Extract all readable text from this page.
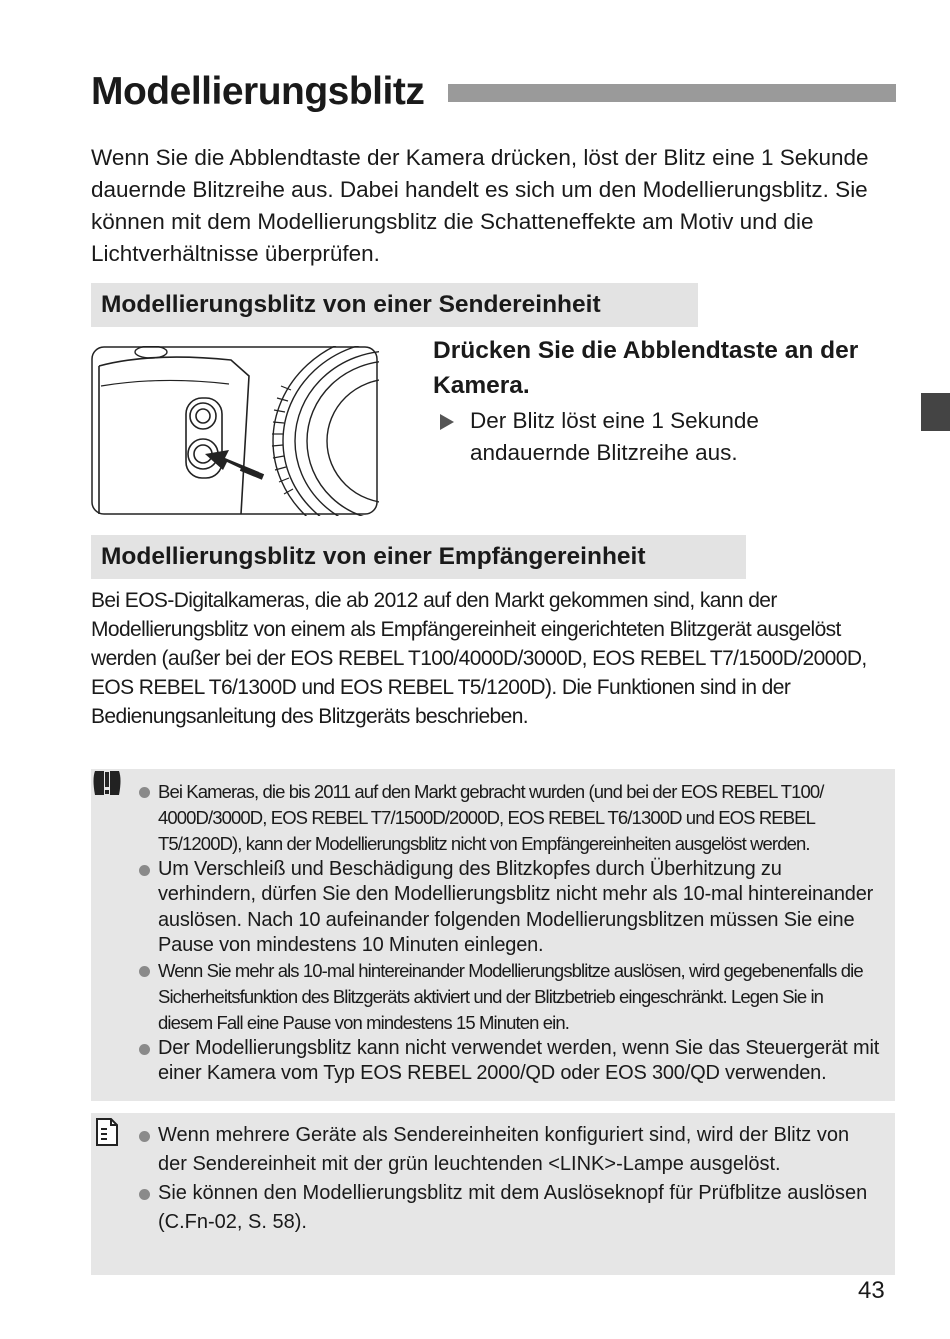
Modellierungsblitz

Wenn Sie die Abblendtaste der Kamera drücken, löst der Blitz eine 1 Sekunde dauernde Blitzreihe aus. Dabei handelt es sich um den Modellierungsblitz. Sie können mit dem Modellierungsblitz die Schatteneffekte am Motiv und die Lichtverhältnisse überprüfen.

Modellierungsblitz von einer Sendereinheit
Drücken Sie die Abblendtaste an der Kamera.
Der Blitz löst eine 1 Sekunde andauernde Blitzreihe aus.
Modellierungsblitz von einer Empfängereinheit

Bei EOS-Digitalkameras, die ab 2012 auf den Markt gekommen sind, kann der Modellierungsblitz von einem als Empfängereinheit eingerichteten Blitzgerät ausgelöst werden (außer bei der EOS REBEL T100/4000D/3000D, EOS REBEL T7/1500D/2000D, EOS REBEL T6/1300D und EOS REBEL T5/1200D). Die Funktionen sind in der Bedienungsanleitung des Blitzgeräts beschrieben.

Bei Kameras, die bis 2011 auf den Markt gebracht wurden (und bei der EOS REBEL T100/ 4000D/3000D, EOS REBEL T7/1500D/2000D, EOS REBEL T6/1300D und EOS REBEL T5/1200D), kann der Modellierungsblitz nicht von Empfängereinheiten ausgelöst werden.
Um Verschleiß und Beschädigung des Blitzkopfes durch Überhitzung zu verhindern, dürfen Sie den Modellierungsblitz nicht mehr als 10-mal hintereinander auslösen. Nach 10 aufeinander folgenden Modellierungsblitzen müssen Sie eine Pause von mindestens 10 Minuten einlegen.
Wenn Sie mehr als 10-mal hintereinander Modellierungsblitze auslösen, wird gegebenenfalls die Sicherheitsfunktion des Blitzgeräts aktiviert und der Blitzbetrieb eingeschränkt. Legen Sie in diesem Fall eine Pause von mindestens 15 Minuten ein.
Der Modellierungsblitz kann nicht verwendet werden, wenn Sie das Steuergerät mit einer Kamera vom Typ EOS REBEL 2000/QD oder EOS 300/QD verwenden.
Wenn mehrere Geräte als Sendereinheiten konfiguriert sind, wird der Blitz von der Sendereinheit mit der grün leuchtenden <LINK>-Lampe ausgelöst.
Sie können den Modellierungsblitz mit dem Auslöseknopf für Prüfblitze auslösen (C.Fn-02, S. 58).
43
